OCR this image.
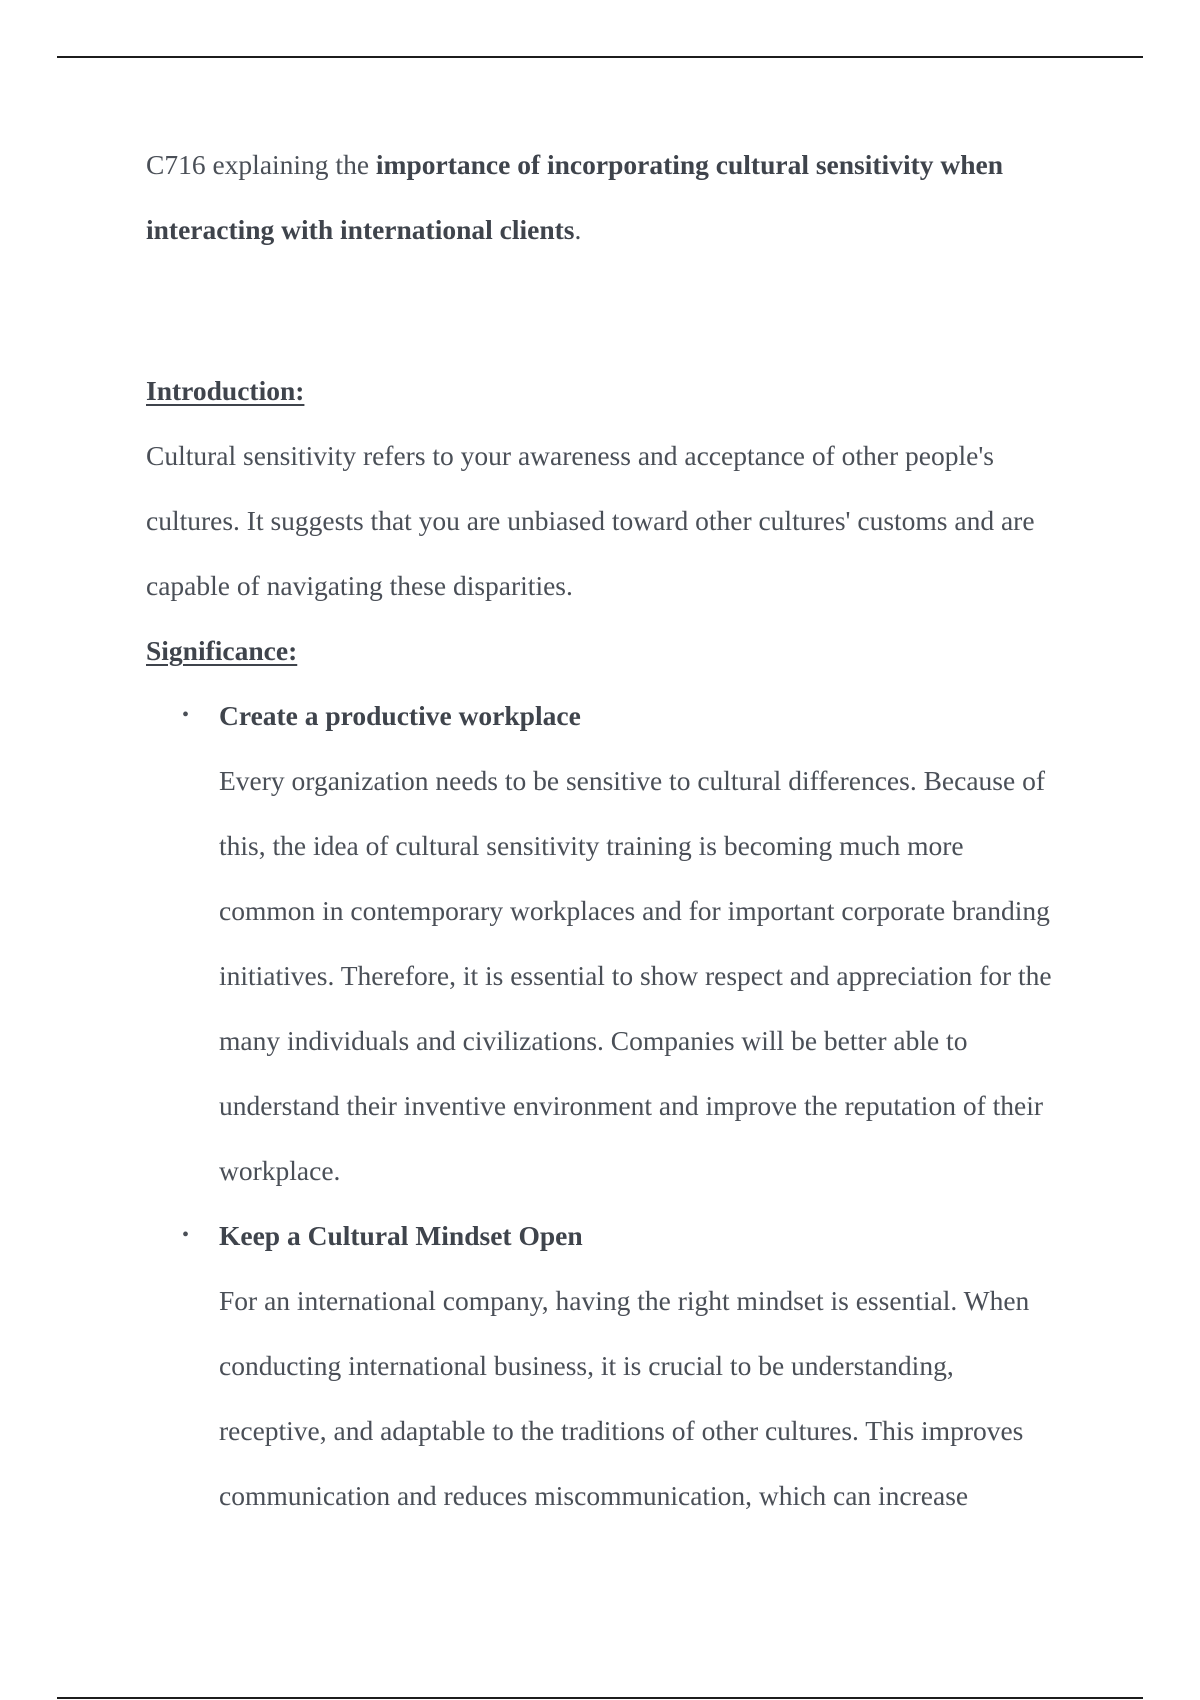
C716 explaining the importance of incorporating cultural sensitivity when interacting with international clients.

Introduction:

Cultural sensitivity refers to your awareness and acceptance of other people's cultures. It suggests that you are unbiased toward other cultures' customs and are capable of navigating these disparities.

Significance:
• Create a productive workplace
Every organization needs to be sensitive to cultural differences. Because of this, the idea of cultural sensitivity training is becoming much more common in contemporary workplaces and for important corporate branding initiatives. Therefore, it is essential to show respect and appreciation for the many individuals and civilizations. Companies will be better able to understand their inventive environment and improve the reputation of their workplace.
• Keep a Cultural Mindset Open
For an international company, having the right mindset is essential. When conducting international business, it is crucial to be understanding, receptive, and adaptable to the traditions of other cultures. This improves communication and reduces miscommunication, which can increase
